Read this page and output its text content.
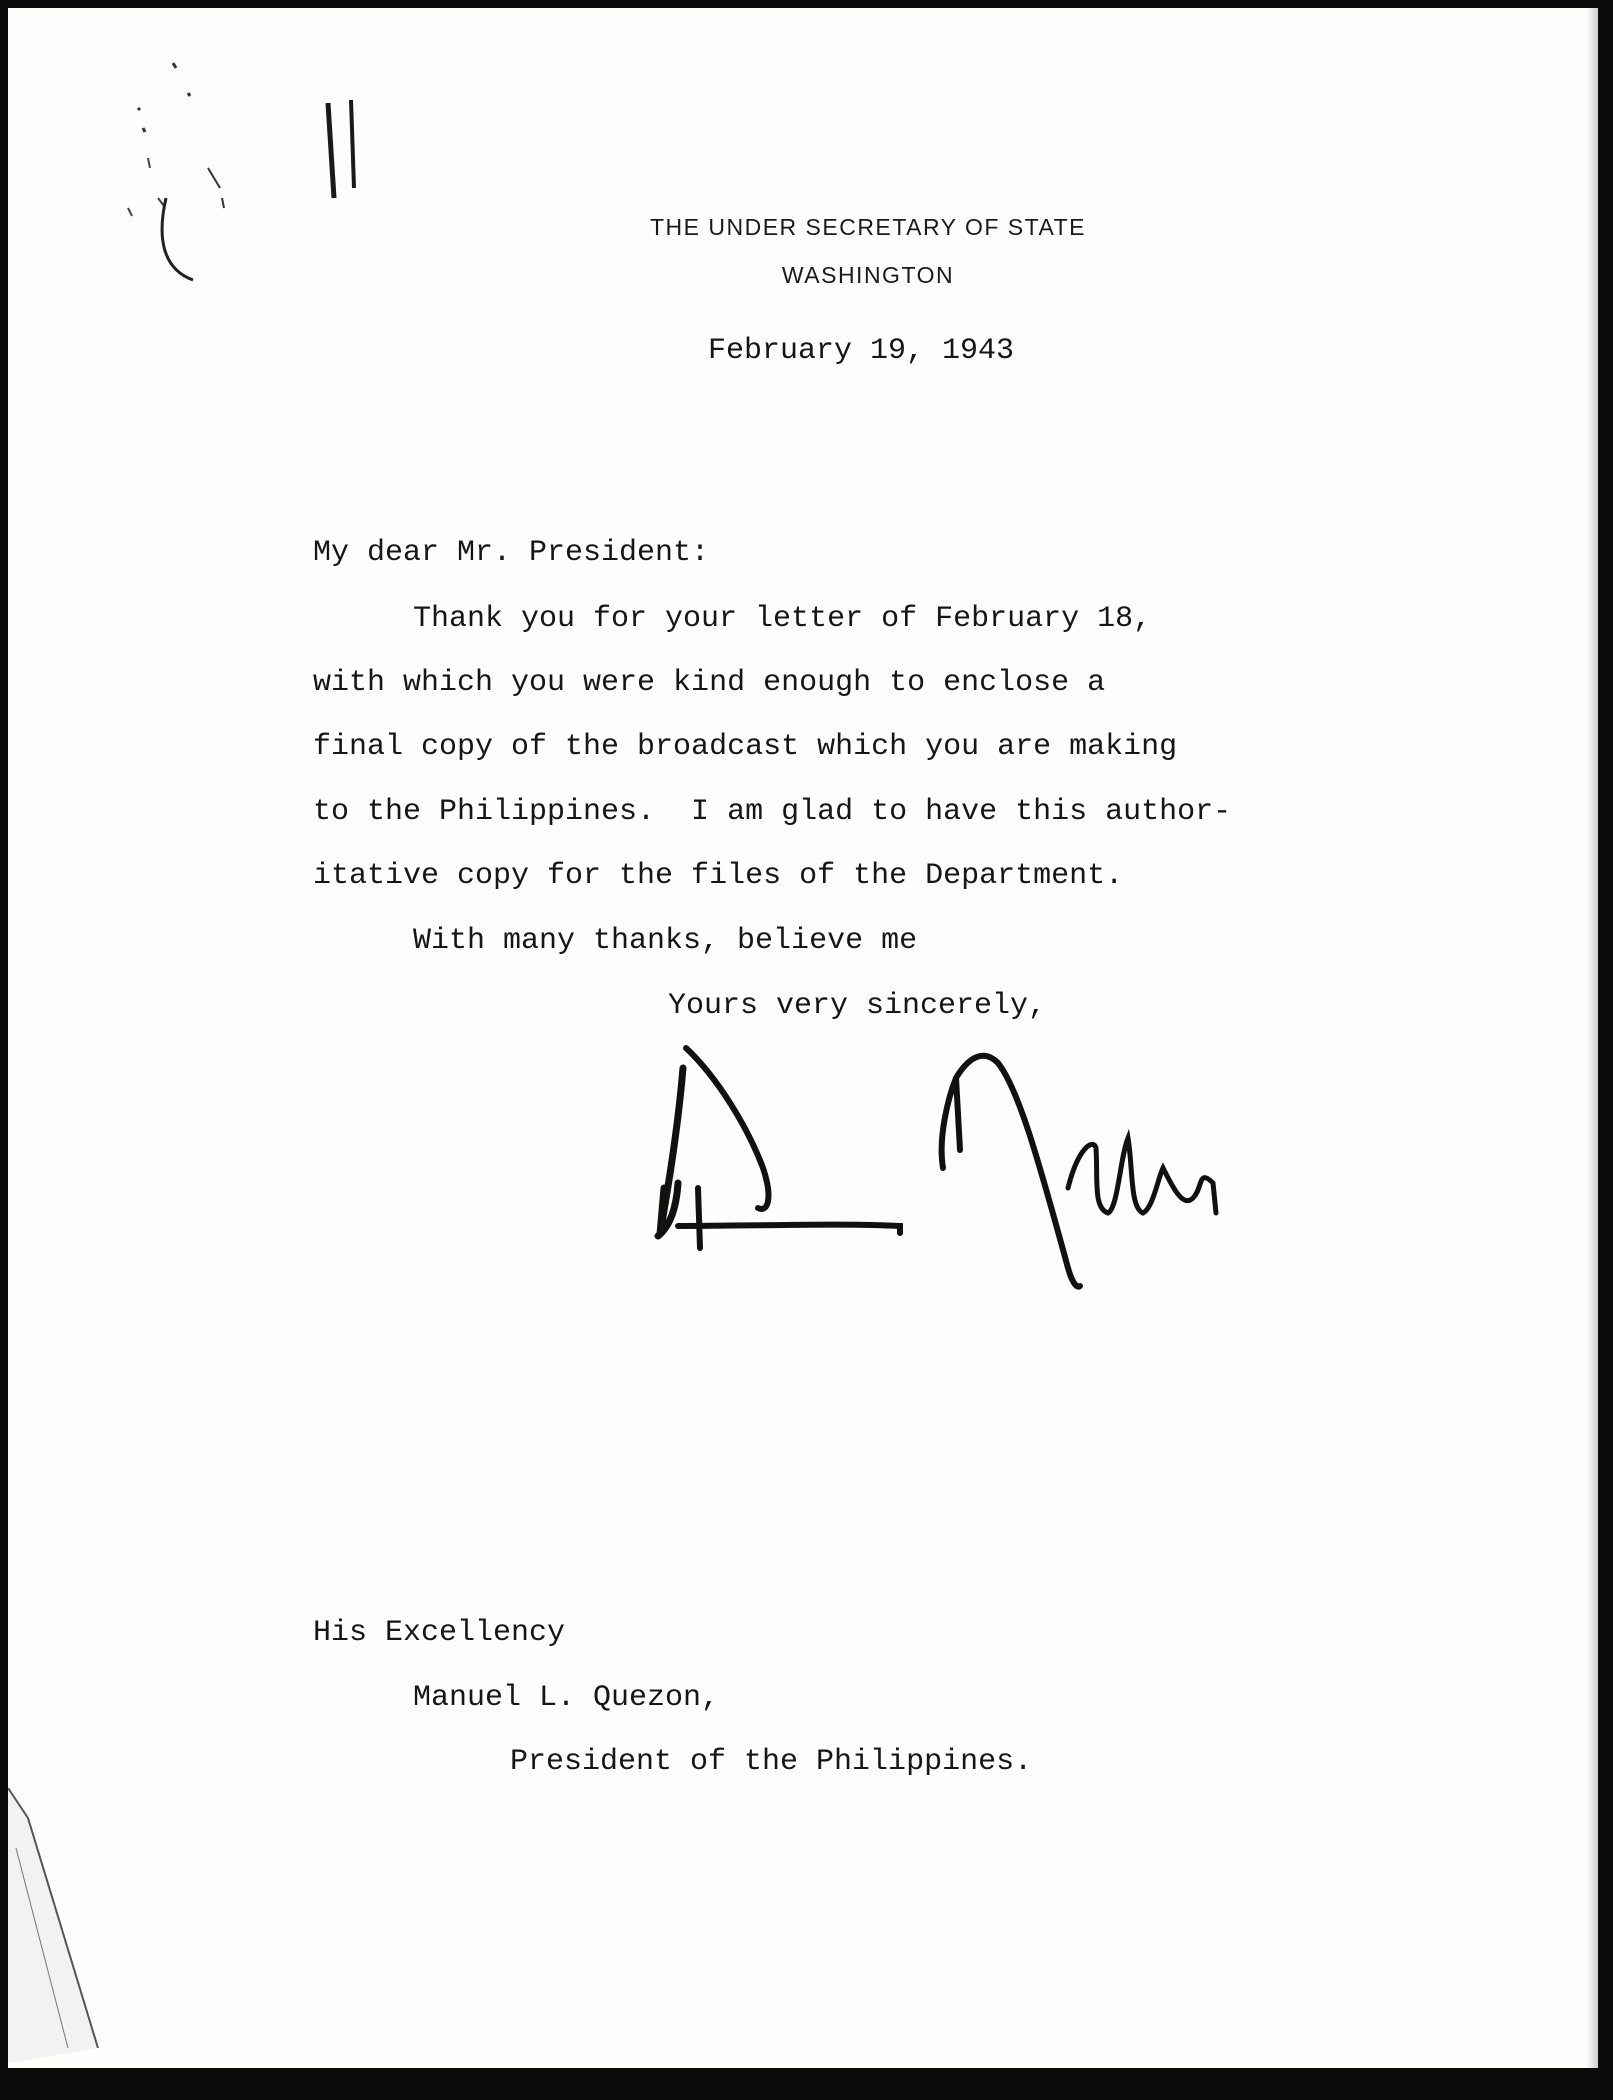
THE UNDER SECRETARY OF STATE
WASHINGTON
February 19, 1943
My dear Mr. President:
Thank you for your letter of February 18,
with which you were kind enough to enclose a
final copy of the broadcast which you are making
to the Philippines.  I am glad to have this author-
itative copy for the files of the Department.
With many thanks, believe me
Yours very sincerely,
His Excellency
Manuel L. Quezon,
President of the Philippines.
